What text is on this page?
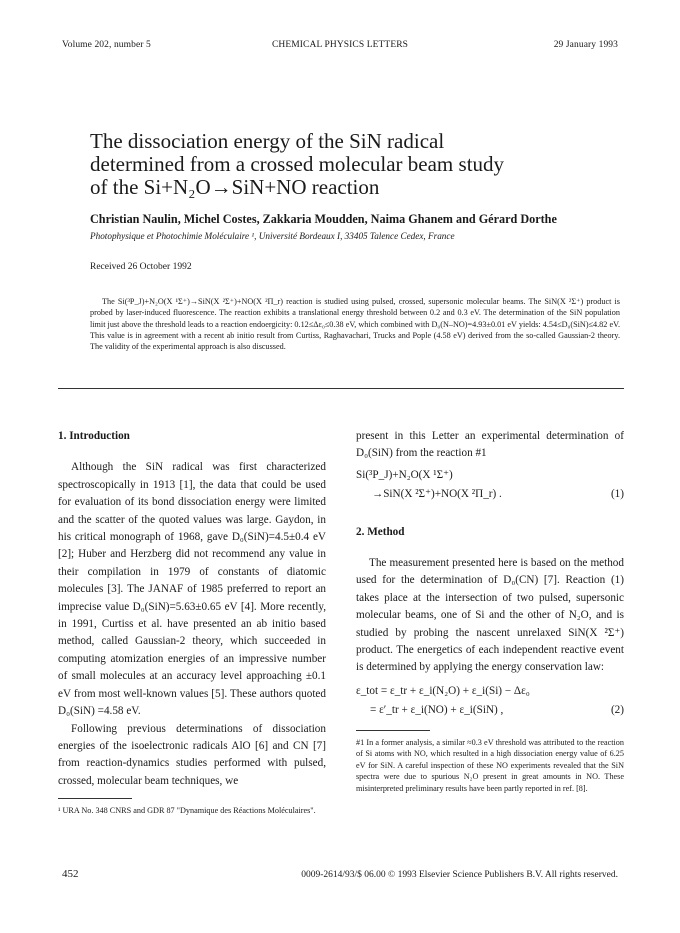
Volume 202, number 5	CHEMICAL PHYSICS LETTERS	29 January 1993
The dissociation energy of the SiN radical
determined from a crossed molecular beam study
of the Si+N₂O→SiN+NO reaction
Christian Naulin, Michel Costes, Zakkaria Moudden, Naima Ghanem and Gérard Dorthe
Photophysique et Photochimie Moléculaire ¹, Université Bordeaux I, 33405 Talence Cedex, France
Received 26 October 1992

The Si(³P_J)+N₂O(X ¹Σ⁺)→SiN(X ²Σ⁺)+NO(X ²Π_r) reaction is studied using pulsed, crossed, supersonic molecular beams. The SiN(X ²Σ⁺) product is probed by laser-induced fluorescence. The reaction exhibits a translational energy threshold between 0.2 and 0.3 eV. The determination of the SiN population limit just above the threshold leads to a reaction endoergicity: 0.12≤Δε₀≤0.38 eV, which combined with D₀(N–NO)=4.93±0.01 eV yields: 4.54≤D₀(SiN)≤4.82 eV. This value is in agreement with a recent ab initio result from Curtiss, Raghavachari, Trucks and Pople (4.58 eV) derived from the so-called Gaussian-2 theory. The validity of the experimental approach is also discussed.

1. Introduction

Although the SiN radical was first characterized spectroscopically in 1913 [1], the data that could be used for evaluation of its bond dissociation energy were limited and the scatter of the quoted values was large. Gaydon, in his critical monograph of 1968, gave D₀(SiN)=4.5±0.4 eV [2]; Huber and Herzberg did not recommend any value in their compilation in 1979 of constants of diatomic molecules [3]. The JANAF of 1985 preferred to report an imprecise value D₀(SiN)=5.63±0.65 eV [4]. More recently, in 1991, Curtiss et al. have presented an ab initio based method, called Gaussian-2 theory, which succeeded in computing atomization energies of an impressive number of small molecules at an accuracy level approaching ±0.1 eV from most well-known values [5]. These authors quoted D₀(SiN) =4.58 eV.

Following previous determinations of dissociation energies of the isoelectronic radicals AlO [6] and CN [7] from reaction-dynamics studies performed with pulsed, crossed, molecular beam techniques, we

¹ URA No. 348 CNRS and GDR 87 "Dynamique des Réactions Moléculaires".

present in this Letter an experimental determination of D₀(SiN) from the reaction #1

Si(³P_J)+N₂O(X ¹Σ⁺)
→SiN(X ²Σ⁺)+NO(X ²Π_r) .	(1)
2. Method

The measurement presented here is based on the method used for the determination of D₀(CN) [7]. Reaction (1) takes place at the intersection of two pulsed, supersonic molecular beams, one of Si and the other of N₂O, and is studied by probing the nascent unrelaxed SiN(X ²Σ⁺) product. The energetics of each independent reactive event is determined by applying the energy conservation law:

ε_tot = ε_tr + ε_i(N₂O) + ε_i(Si) − Δε₀
= ε′_tr + ε_i(NO) + ε_i(SiN) ,	(2)

#1 In a former analysis, a similar ≈0.3 eV threshold was attributed to the reaction of Si atoms with NO, which resulted in a high dissociation energy value of 6.25 eV for SiN. A careful inspection of these NO experiments revealed that the SiN spectra were due to spurious N₂O present in great amounts in NO. These misinterpreted preliminary results have been partly reported in ref. [8].

452	0009-2614/93/$ 06.00 © 1993 Elsevier Science Publishers B.V. All rights reserved.
